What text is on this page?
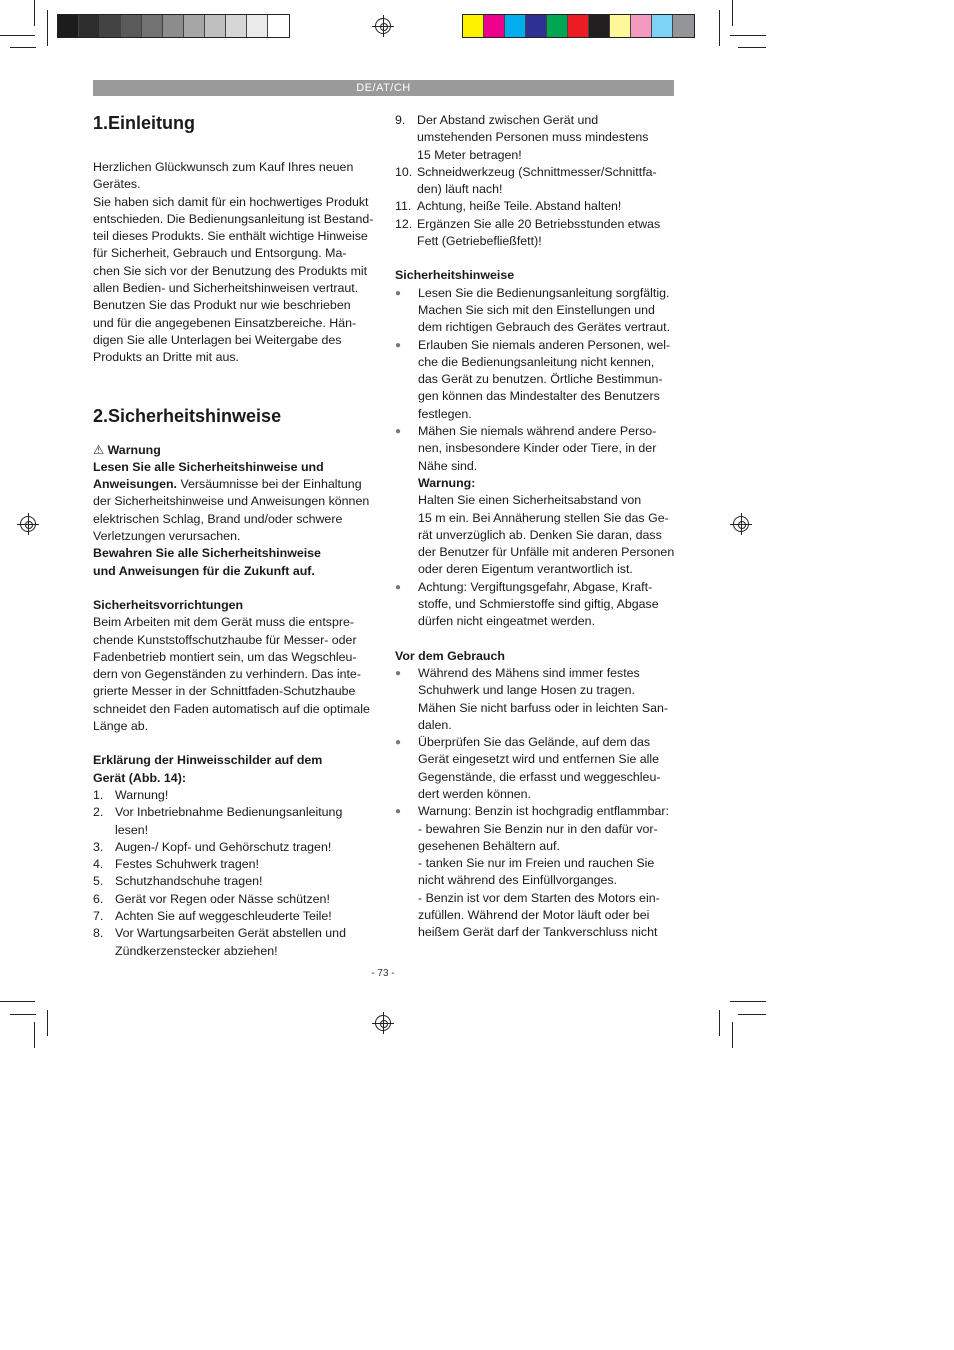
DE/AT/CH
1.Einleitung

Herzlichen Glückwunsch zum Kauf Ihres neuen

Gerätes.

Sie haben sich damit für ein hochwertiges Produkt

entschieden. Die Bedienungsanleitung ist Bestand-

teil dieses Produkts. Sie enthält wichtige Hinweise

für Sicherheit, Gebrauch und Entsorgung. Ma-

chen Sie sich vor der Benutzung des Produkts mit

allen Bedien- und Sicherheitshinweisen vertraut.

Benutzen Sie das Produkt nur wie beschrieben

und für die angegebenen Einsatzbereiche. Hän-

digen Sie alle Unterlagen bei Weitergabe des

Produkts an Dritte mit aus.

2.Sicherheitshinweise

⚠ Warnung

Lesen Sie alle Sicherheitshinweise und

Anweisungen. Versäumnisse bei der Einhaltung

der Sicherheitshinweise und Anweisungen können

elektrischen Schlag, Brand und/oder schwere

Verletzungen verursachen.

Bewahren Sie alle Sicherheitshinweise

und Anweisungen für die Zukunft auf.

Sicherheitsvorrichtungen

Beim Arbeiten mit dem Gerät muss die entspre-

chende Kunststoffschutzhaube für Messer- oder

Fadenbetrieb montiert sein, um das Wegschleu-

dern von Gegenständen zu verhindern. Das inte-

grierte Messer in der Schnittfaden-Schutzhaube

schneidet den Faden automatisch auf die optimale

Länge ab.

Erklärung der Hinweisschilder auf dem

Gerät (Abb. 14):

1. Warnung!
2. Vor Inbetriebnahme Bedienungsanleitung
lesen!
3. Augen-/ Kopf- und Gehörschutz tragen!
4. Festes Schuhwerk tragen!
5. Schutzhandschuhe tragen!
6. Gerät vor Regen oder Nässe schützen!
7. Achten Sie auf weggeschleuderte Teile!
8. Vor Wartungsarbeiten Gerät abstellen und
Zündkerzenstecker abziehen!
9. Der Abstand zwischen Gerät und
umstehenden Personen muss mindestens
15 Meter betragen!
10. Schneidwerkzeug (Schnittmesser/Schnittfa-
den) läuft nach!
11. Achtung, heiße Teile. Abstand halten!
12. Ergänzen Sie alle 20 Betriebsstunden etwas
Fett (Getriebefließfett)!

Sicherheitshinweise

● Lesen Sie die Bedienungsanleitung sorgfältig.
Machen Sie sich mit den Einstellungen und
dem richtigen Gebrauch des Gerätes vertraut.
● Erlauben Sie niemals anderen Personen, wel-
che die Bedienungsanleitung nicht kennen,
das Gerät zu benutzen. Örtliche Bestimmun-
gen können das Mindestalter des Benutzers
festlegen.
● Mähen Sie niemals während andere Perso-
nen, insbesondere Kinder oder Tiere, in der
Nähe sind.

Warnung:

Halten Sie einen Sicherheitsabstand von

15 m ein. Bei Annäherung stellen Sie das Ge-

rät unverzüglich ab. Denken Sie daran, dass

der Benutzer für Unfälle mit anderen Personen

oder deren Eigentum verantwortlich ist.

● Achtung: Vergiftungsgefahr, Abgase, Kraft-
stoffe, und Schmierstoffe sind giftig, Abgase
dürfen nicht eingeatmet werden.

Vor dem Gebrauch

● Während des Mähens sind immer festes
Schuhwerk und lange Hosen zu tragen.
Mähen Sie nicht barfuss oder in leichten San-
dalen.
● Überprüfen Sie das Gelände, auf dem das
Gerät eingesetzt wird und entfernen Sie alle
Gegenstände, die erfasst und weggeschleu-
dert werden können.
● Warnung: Benzin ist hochgradig entflammbar:
- bewahren Sie Benzin nur in den dafür vor-
gesehenen Behältern auf.
- tanken Sie nur im Freien und rauchen Sie
nicht während des Einfüllvorganges.
- Benzin ist vor dem Starten des Motors ein-
zufüllen. Während der Motor läuft oder bei
heißem Gerät darf der Tankverschluss nicht
- 73 -
